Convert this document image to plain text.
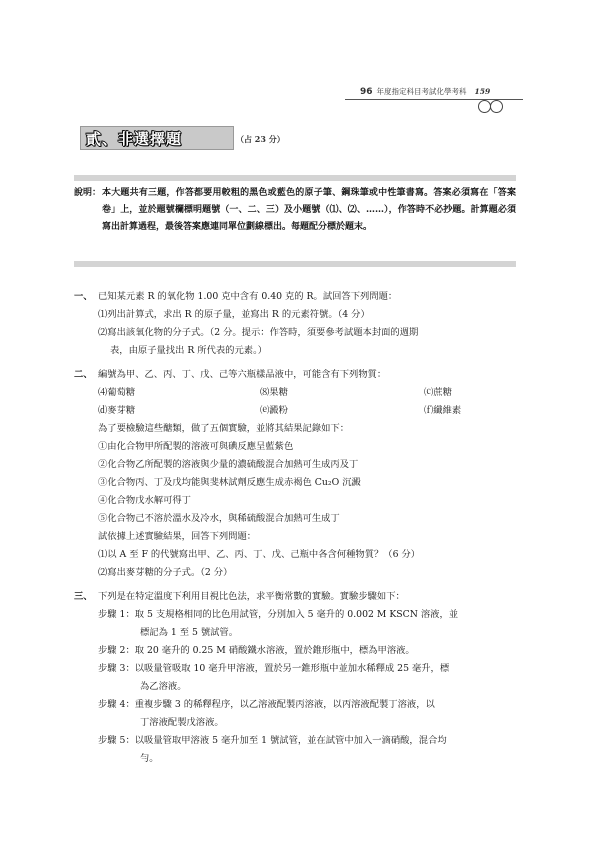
96 年度指定科目考試化學考科 159
貳、非選擇題	（占 23 分）
說明： 本大題共有三題，作答都要用較粗的黑色或藍色的原子筆、鋼珠筆或中性筆書寫。答案必須寫在「答案卷」上，並於題號欄標明題號（一、二、三）及小題號（⑴、⑵、……），作答時不必抄題。計算題必須寫出計算過程，最後答案應連同單位劃線標出。每題配分標於題末。
一、 已知某元素 R 的氧化物 1.00 克中含有 0.40 克的 R。試回答下列問題：
⑴列出計算式，求出 R 的原子量，並寫出 R 的元素符號。（4 分）
⑵寫出該氧化物的分子式。（2 分。提示：作答時，須要參考試題本封面的週期
表，由原子量找出 R 所代表的元素。）
二、 編號為甲、乙、丙、丁、戊、己等六瓶樣品液中，可能含有下列物質：
⑷葡萄糖	⑻果糖	⒞蔗糖
⒟麥芽糖	⒠澱粉	⒡纖維素
為了要檢驗這些醣類，做了五個實驗，並將其結果記錄如下：
①由化合物甲所配製的溶液可與碘反應呈藍紫色
②化合物乙所配製的溶液與少量的濃硫酸混合加熱可生成丙及丁
③化合物丙、丁及戊均能與斐林試劑反應生成赤褐色 Cu₂O 沉澱
④化合物戊水解可得丁
⑤化合物己不溶於溫水及冷水，與稀硫酸混合加熱可生成丁
試依據上述實驗結果，回答下列問題：
⑴以 A 至 F 的代號寫出甲、乙、丙、丁、戊、己瓶中各含何種物質？（6 分）
⑵寫出麥芽糖的分子式。（2 分）
三、 下列是在特定溫度下利用目視比色法，求平衡常數的實驗。實驗步驟如下：
步驟 1：取 5 支規格相同的比色用試管，分別加入 5 毫升的 0.002 M KSCN 溶液，並
標記為 1 至 5 號試管。
步驟 2：取 20 毫升的 0.25 M 硝酸鐵水溶液，置於錐形瓶中，標為甲溶液。
步驟 3：以吸量管吸取 10 毫升甲溶液，置於另一錐形瓶中並加水稀釋成 25 毫升，標
為乙溶液。
步驟 4：重複步驟 3 的稀釋程序，以乙溶液配製丙溶液，以丙溶液配製丁溶液，以
丁溶液配製戊溶液。
步驟 5：以吸量管取甲溶液 5 毫升加至 1 號試管，並在試管中加入一滴硝酸，混合均
勻。
